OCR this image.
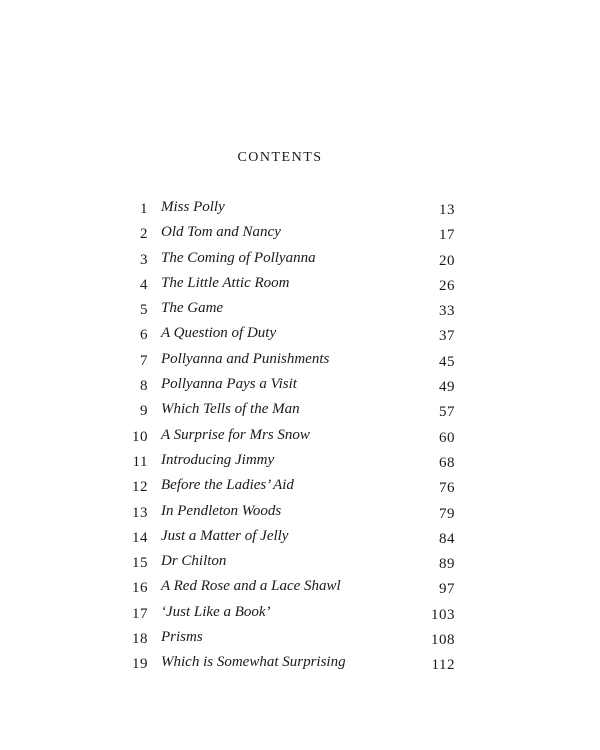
CONTENTS
1 Miss Polly	13
2 Old Tom and Nancy	17
3 The Coming of Pollyanna	20
4 The Little Attic Room	26
5 The Game	33
6 A Question of Duty	37
7 Pollyanna and Punishments	45
8 Pollyanna Pays a Visit	49
9 Which Tells of the Man	57
10 A Surprise for Mrs Snow	60
11 Introducing Jimmy	68
12 Before the Ladies’ Aid	76
13 In Pendleton Woods	79
14 Just a Matter of Jelly	84
15 Dr Chilton	89
16 A Red Rose and a Lace Shawl	97
17 ‘Just Like a Book’	103
18 Prisms	108
19 Which is Somewhat Surprising	112
